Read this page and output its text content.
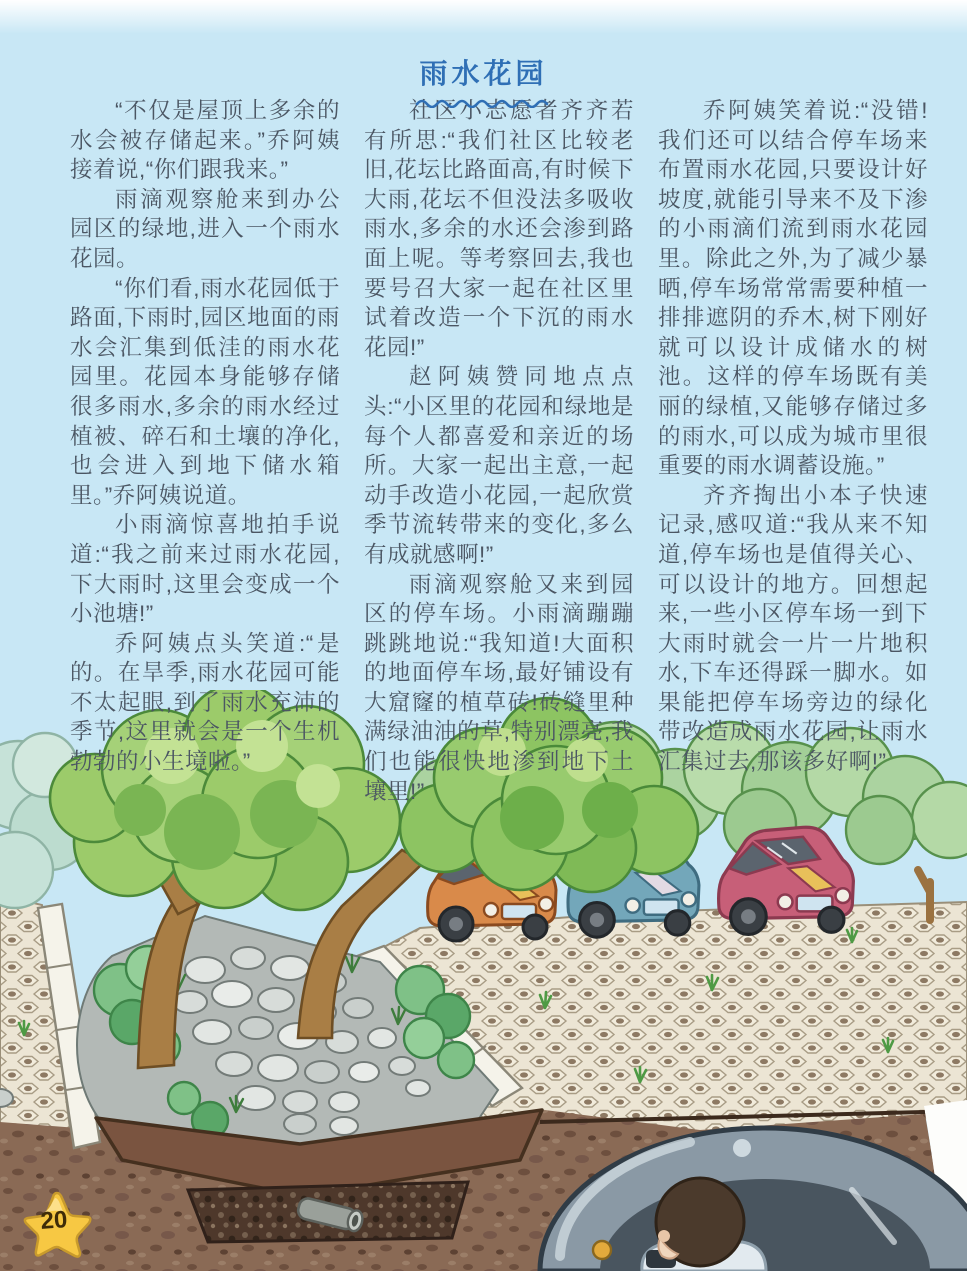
雨水花园

“不仅是屋顶上多余的水会被存储起来。”乔阿姨接着说,“你们跟我来。”

雨滴观察舱来到办公园区的绿地,进入一个雨水花园。

“你们看,雨水花园低于路面,下雨时,园区地面的雨水会汇集到低洼的雨水花园里。花园本身能够存储很多雨水,多余的雨水经过植被、碎石和土壤的净化,也会进入到地下储水箱里。”乔阿姨说道。

小雨滴惊喜地拍手说道:“我之前来过雨水花园,下大雨时,这里会变成一个小池塘!”

乔阿姨点头笑道:“是的。在旱季,雨水花园可能不太起眼,到了雨水充沛的季节,这里就会是一个生机勃勃的小生境啦。”

社区小志愿者齐齐若有所思:“我们社区比较老旧,花坛比路面高,有时候下大雨,花坛不但没法多吸收雨水,多余的水还会渗到路面上呢。等考察回去,我也要号召大家一起在社区里试着改造一个下沉的雨水花园!”

赵阿姨赞同地点点头:“小区里的花园和绿地是每个人都喜爱和亲近的场所。大家一起出主意,一起动手改造小花园,一起欣赏季节流转带来的变化,多么有成就感啊!”

雨滴观察舱又来到园区的停车场。小雨滴蹦蹦跳跳地说:“我知道!大面积的地面停车场,最好铺设有大窟窿的植草砖!砖缝里种满绿油油的草,特别漂亮,我们也能很快地渗到地下土壤里!”

乔阿姨笑着说:“没错!我们还可以结合停车场来布置雨水花园,只要设计好坡度,就能引导来不及下渗的小雨滴们流到雨水花园里。除此之外,为了减少暴晒,停车场常常需要种植一排排遮阴的乔木,树下刚好就可以设计成储水的树池。这样的停车场既有美丽的绿植,又能够存储过多的雨水,可以成为城市里很重要的雨水调蓄设施。”

齐齐掏出小本子快速记录,感叹道:“我从来不知道,停车场也是值得关心、可以设计的地方。回想起来,一些小区停车场一到下大雨时就会一片一片地积水,下车还得踩一脚水。如果能把停车场旁边的绿化带改造成雨水花园,让雨水汇集过去,那该多好啊!”

20
